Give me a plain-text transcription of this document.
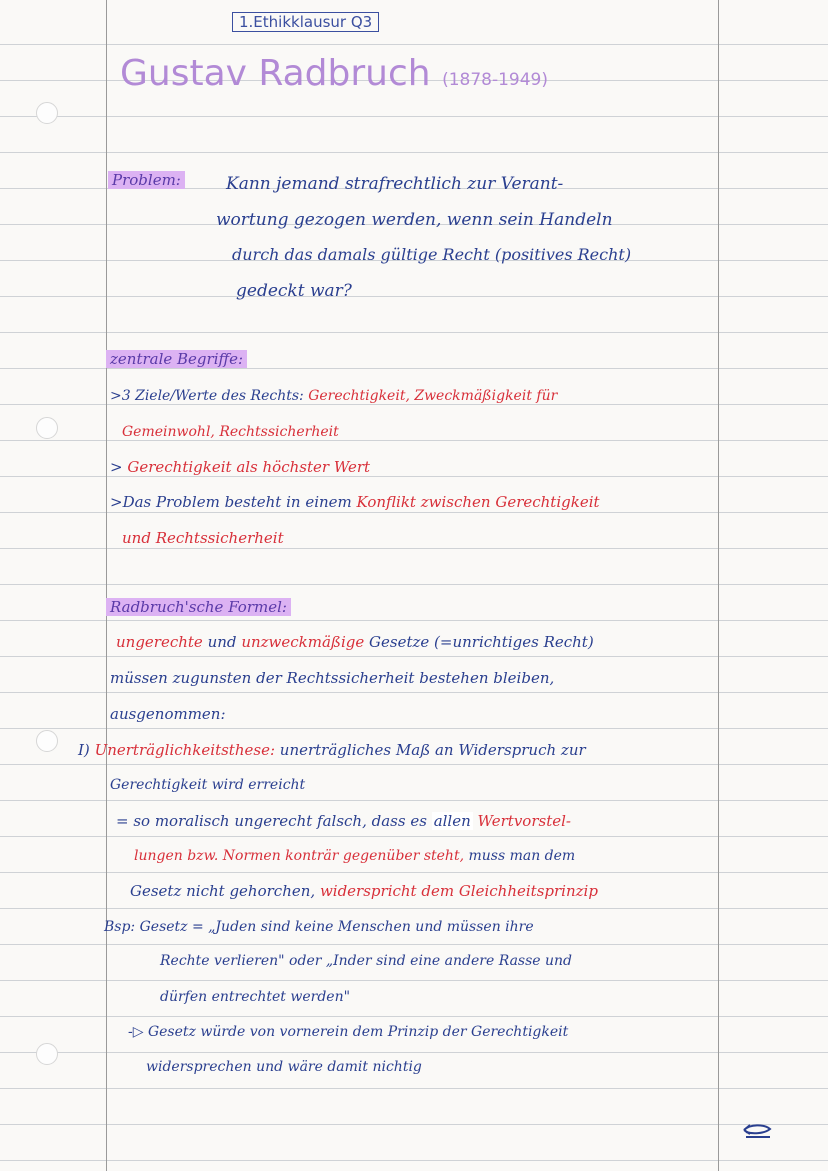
1.Ethikklausur Q3
Gustav Radbruch (1878-1949)
Problem:	Kann jemand strafrechtlich zur Verant-
wortung gezogen werden, wenn sein Handeln
durch das damals gültige Recht (positives Recht)
gedeckt war?
zentrale Begriffe:
>3 Ziele/Werte des Rechts: Gerechtigkeit, Zweckmäßigkeit für
Gemeinwohl, Rechtssicherheit
> Gerechtigkeit als höchster Wert
>Das Problem besteht in einem Konflikt zwischen Gerechtigkeit
und Rechtssicherheit
Radbruch'sche Formel:
ungerechte und unzweckmäßige Gesetze (=unrichtiges Recht)
müssen zugunsten der Rechtssicherheit bestehen bleiben,
ausgenommen:
I) Unerträglichkeitsthese: unerträgliches Maß an Widerspruch zur
Gerechtigkeit wird erreicht
= so moralisch ungerecht falsch, dass es allen Wertvorstel-
lungen bzw. Normen konträr gegenüber steht, muss man dem
Gesetz nicht gehorchen, widerspricht dem Gleichheitsprinzip
Bsp: Gesetz = „Juden sind keine Menschen und müssen ihre
Rechte verlieren" oder „Inder sind eine andere Rasse und
dürfen entrechtet werden"
-▷ Gesetz würde von vornerein dem Prinzip der Gerechtigkeit
widersprechen und wäre damit nichtig
